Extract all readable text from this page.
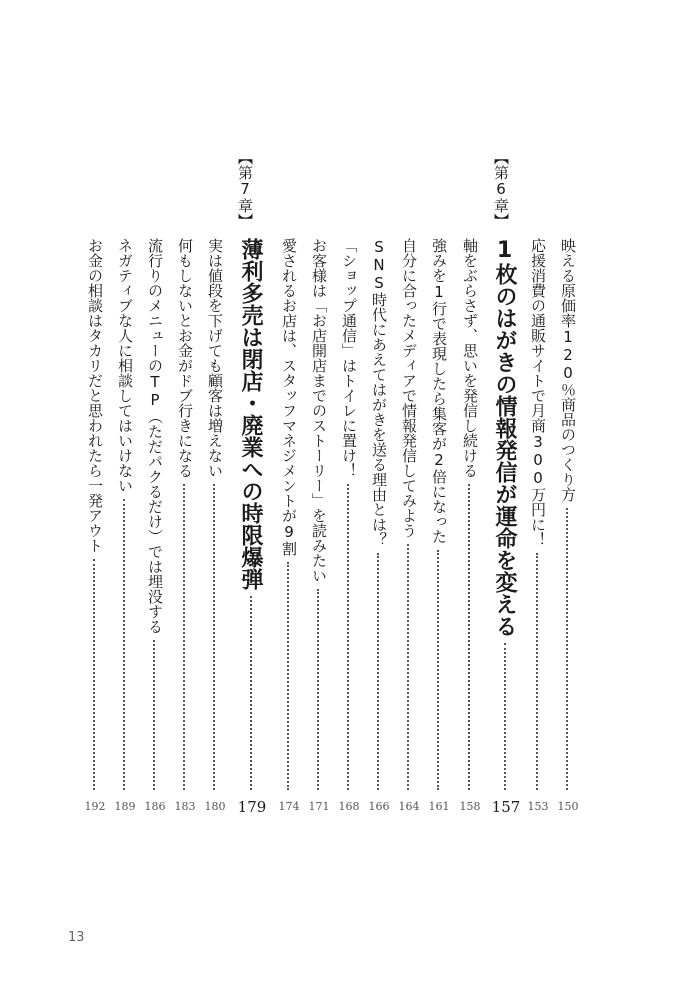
映える原価率120％商品のつくり方
150
応援消費の通販サイトで月商300万円に！
153
1枚のはがきの情報発信が運命を変える
157
軸をぶらさず、思いを発信し続ける
158
強みを1行で表現したら集客が2倍になった
161
自分に合ったメディアで情報発信してみよう
164
SNS時代にあえてはがきを送る理由とは？
166
「ショップ通信」はトイレに置け！
168
お客様は「お店開店までのストーリー」を読みたい
171
愛されるお店は、スタッフマネジメントが9割
174
薄利多売は閉店・廃業への時限爆弾
179
実は値段を下げても顧客は増えない
180
何もしないとお金がドブ行きになる
183
流行りのメニューのTP（ただパクるだけ）では埋没する
186
ネガティブな人に相談してはいけない
189
お金の相談はタカリだと思われたら一発アウト
192
【第6章】
【第7章】
13
